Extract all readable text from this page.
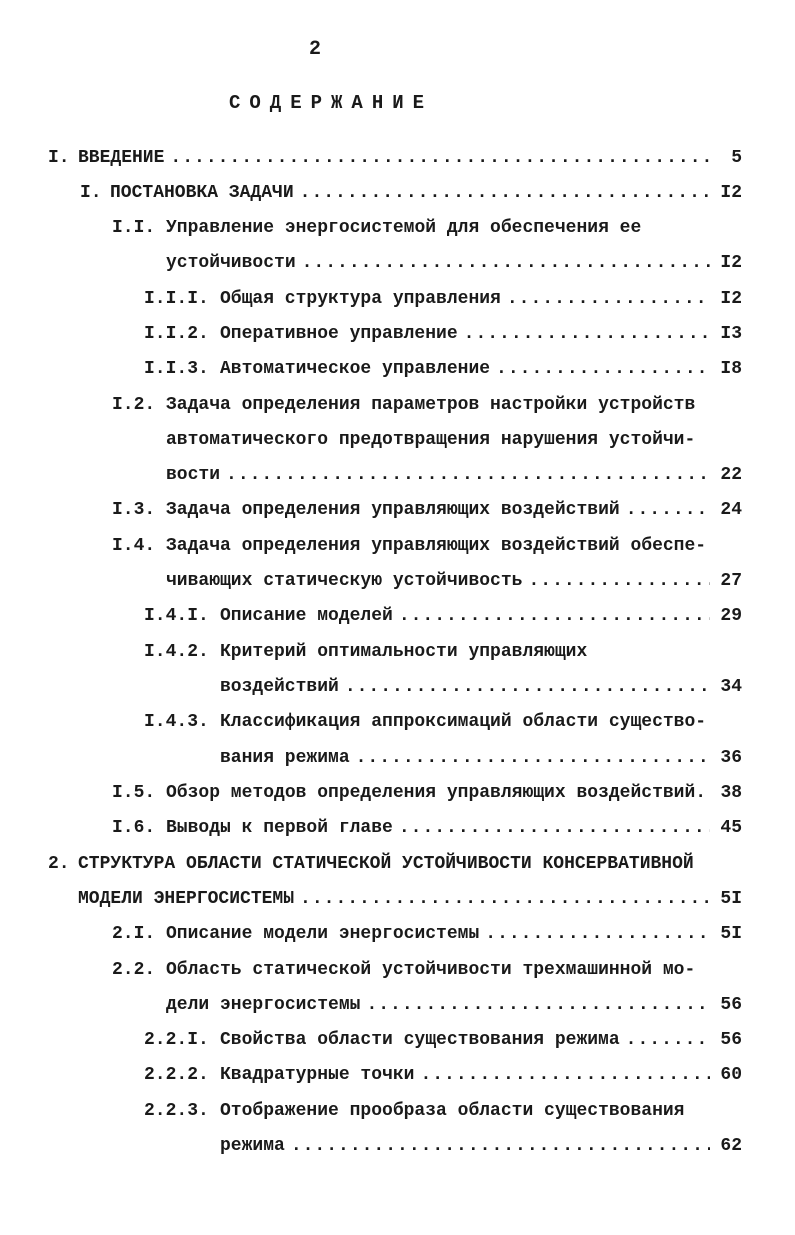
2
СОДЕРЖАНИЕ
I. ВВЕДЕНИЕ .....	5
I. ПОСТАНОВКА ЗАДАЧИ .....	I2
I.I. Управление энергосистемой для обеспечения ее
устойчивости .....	I2
I.I.I. Общая структура управления .....	I2
I.I.2. Оперативное управление .....	I3
I.I.3. Автоматическое управление .....	I8
I.2. Задача определения параметров настройки устройств
автоматического предотвращения нарушения устойчи-
вости .....	22
I.3. Задача определения управляющих воздействий .....	24
I.4. Задача определения управляющих воздействий обеспе-
чивающих статическую устойчивость .....	27
I.4.I. Описание моделей .....	29
I.4.2. Критерий оптимальности управляющих
воздействий .....	34
I.4.3. Классификация аппроксимаций области существо-
вания режима .....	36
I.5. Обзор методов определения управляющих воздействий. 38
I.6. Выводы к первой главе .....	45
2. СТРУКТУРА ОБЛАСТИ СТАТИЧЕСКОЙ УСТОЙЧИВОСТИ КОНСЕРВАТИВНОЙ
МОДЕЛИ ЭНЕРГОСИСТЕМЫ .....	5I
2.I. Описание модели энергосистемы .....	5I
2.2. Область статической устойчивости трехмашинной мо-
дели энергосистемы .....	56
2.2.I. Свойства области существования режима .....	56
2.2.2. Квадратурные точки .....	60
2.2.3. Отображение прообраза области существования
режима .....	62
